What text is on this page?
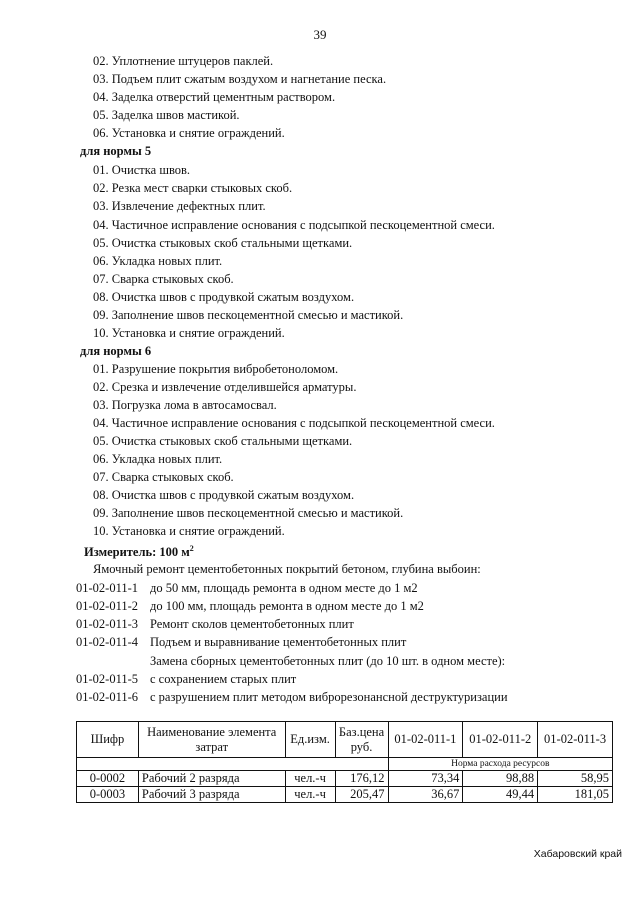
39
02. Уплотнение штуцеров паклей.
03. Подъем плит сжатым воздухом и нагнетание песка.
04. Заделка отверстий цементным раствором.
05. Заделка швов мастикой.
06. Установка и снятие ограждений.
для нормы 5
01. Очистка швов.
02. Резка мест сварки стыковых скоб.
03. Извлечение дефектных плит.
04. Частичное исправление основания с подсыпкой пескоцементной смеси.
05. Очистка стыковых скоб стальными щетками.
06. Укладка новых плит.
07. Сварка стыковых скоб.
08. Очистка швов с продувкой сжатым воздухом.
09. Заполнение швов пескоцементной смесью и мастикой.
10. Установка и снятие ограждений.
для нормы 6
01. Разрушение покрытия вибробетоноломом.
02. Срезка и извлечение отделившейся арматуры.
03. Погрузка лома в автосамосвал.
04. Частичное исправление основания с подсыпкой пескоцементной смеси.
05. Очистка стыковых скоб стальными щетками.
06. Укладка новых плит.
07. Сварка стыковых скоб.
08. Очистка швов с продувкой сжатым воздухом.
09. Заполнение швов пескоцементной смесью и мастикой.
10. Установка и снятие ограждений.
Измеритель: 100 $м^2$
Ямочный ремонт цементобетонных покрытий бетоном, глубина выбоин:
01-02-011-1 до 50 мм, площадь ремонта в одном месте до 1 м2
01-02-011-2 до 100 мм, площадь ремонта в одном месте до 1 м2
01-02-011-3 Ремонт сколов цементобетонных плит
01-02-011-4 Подъем и выравнивание цементобетонных плит
Замена сборных цементобетонных плит (до 10 шт. в одном месте):
01-02-011-5 с сохранением старых плит
01-02-011-6 с разрушением плит методом виброрезонансной деструктуризации
Шифр	Наименование элемента затрат	Ед.изм.	Баз.цена руб.	01-02-011-1	01-02-011-2	01-02-011-3
				Норма расхода ресурсов		
0-0002	Рабочий 2 разряда	чел.-ч	176,12	73,34	98,88	58,95
0-0003	Рабочий 3 разряда	чел.-ч	205,47	36,67	49,44	181,05
Хабаровский край
